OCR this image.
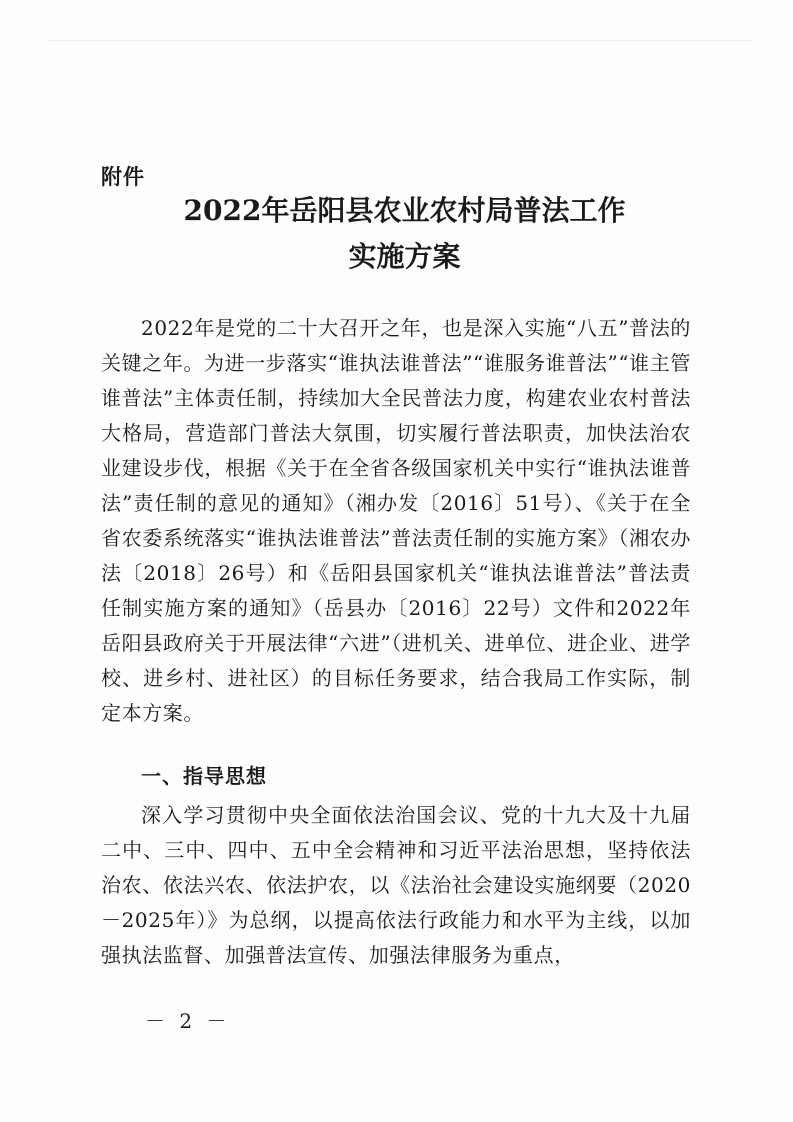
附件
2022年岳阳县农业农村局普法工作
实施方案

2022年是党的二十大召开之年，也是深入实施“八五”普法的关键之年。为进一步落实“谁执法谁普法”“谁服务谁普法”“谁主管谁普法”主体责任制，持续加大全民普法力度，构建农业农村普法大格局，营造部门普法大氛围，切实履行普法职责，加快法治农业建设步伐，根据《关于在全省各级国家机关中实行“谁执法谁普法”责任制的意见的通知》（湘办发〔2016〕51号）、《关于在全省农委系统落实“谁执法谁普法”普法责任制的实施方案》（湘农办法〔2018〕26号）和《岳阳县国家机关“谁执法谁普法”普法责任制实施方案的通知》（岳县办〔2016〕22号）文件和2022年岳阳县政府关于开展法律“六进”（进机关、进单位、进企业、进学校、进乡村、进社区）的目标任务要求，结合我局工作实际，制定本方案。

一、指导思想

深入学习贯彻中央全面依法治国会议、党的十九大及十九届二中、三中、四中、五中全会精神和习近平法治思想，坚持依法治农、依法兴农、依法护农，以《法治社会建设实施纲要（2020－2025年）》为总纲，以提高依法行政能力和水平为主线，以加强执法监督、加强普法宣传、加强法律服务为重点，

－ 2 －
